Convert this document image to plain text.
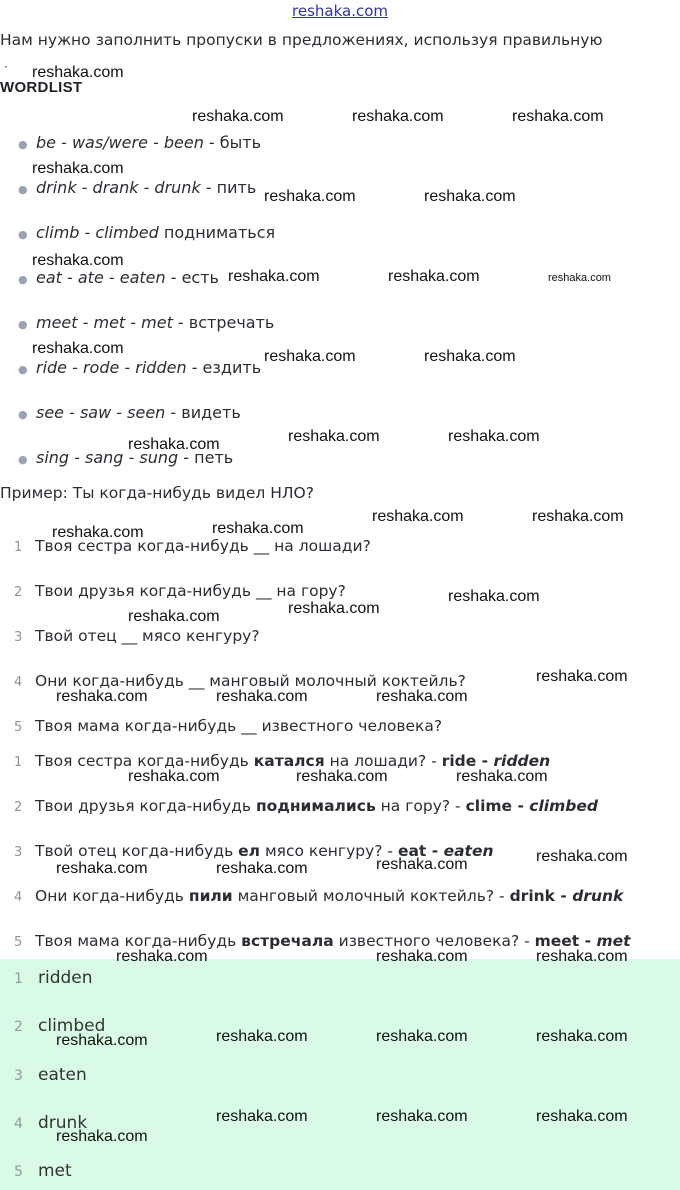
reshaka.com
Нам нужно заполнить пропуски в предложениях, используя правильную
·
WORDLIST
● be - was/were - been - быть
● drink - drank - drunk - пить
● climb - climbed подниматься
● eat - ate - eaten - есть
● meet - met - met - встречать
● ride - rode - ridden - ездить
● see - saw - seen - видеть
● sing - sang - sung - петь
Пример: Ты когда-нибудь видел НЛО?
1 Твоя сестра когда-нибудь __ на лошади?
2 Твои друзья когда-нибудь __ на гору?
3 Твой отец __ мясо кенгуру?
4 Они когда-нибудь __ манговый молочный коктейль?
5 Твоя мама когда-нибудь __ известного человека?
1 Твоя сестра когда-нибудь катался на лошади? - ride - ridden
2 Твои друзья когда-нибудь поднимались на гору? - clime - climbed
3 Твой отец когда-нибудь ел мясо кенгуру? - eat - eaten
4 Они когда-нибудь пили манговый молочный коктейль? - drink - drunk
5 Твоя мама когда-нибудь встречала известного человека? - meet - met
1 ridden
2 climbed
3 eaten
4 drunk
5 met
reshaka.com
reshaka.com	reshaka.com	reshaka.com
reshaka.com
reshaka.com	reshaka.com
reshaka.com
reshaka.com	reshaka.com	reshaka.com
reshaka.com	reshaka.com	reshaka.com
reshaka.com	reshaka.com	reshaka.com
reshaka.com	reshaka.com
reshaka.com	reshaka.com
reshaka.com
reshaka.com
reshaka.com
reshaka.com
reshaka.com	reshaka.com	reshaka.com
reshaka.com	reshaka.com	reshaka.com
reshaka.com
reshaka.com	reshaka.com	reshaka.com
reshaka.com	reshaka.com	reshaka.com
reshaka.com	reshaka.com	reshaka.com	reshaka.com
reshaka.com	reshaka.com	reshaka.com
reshaka.com
